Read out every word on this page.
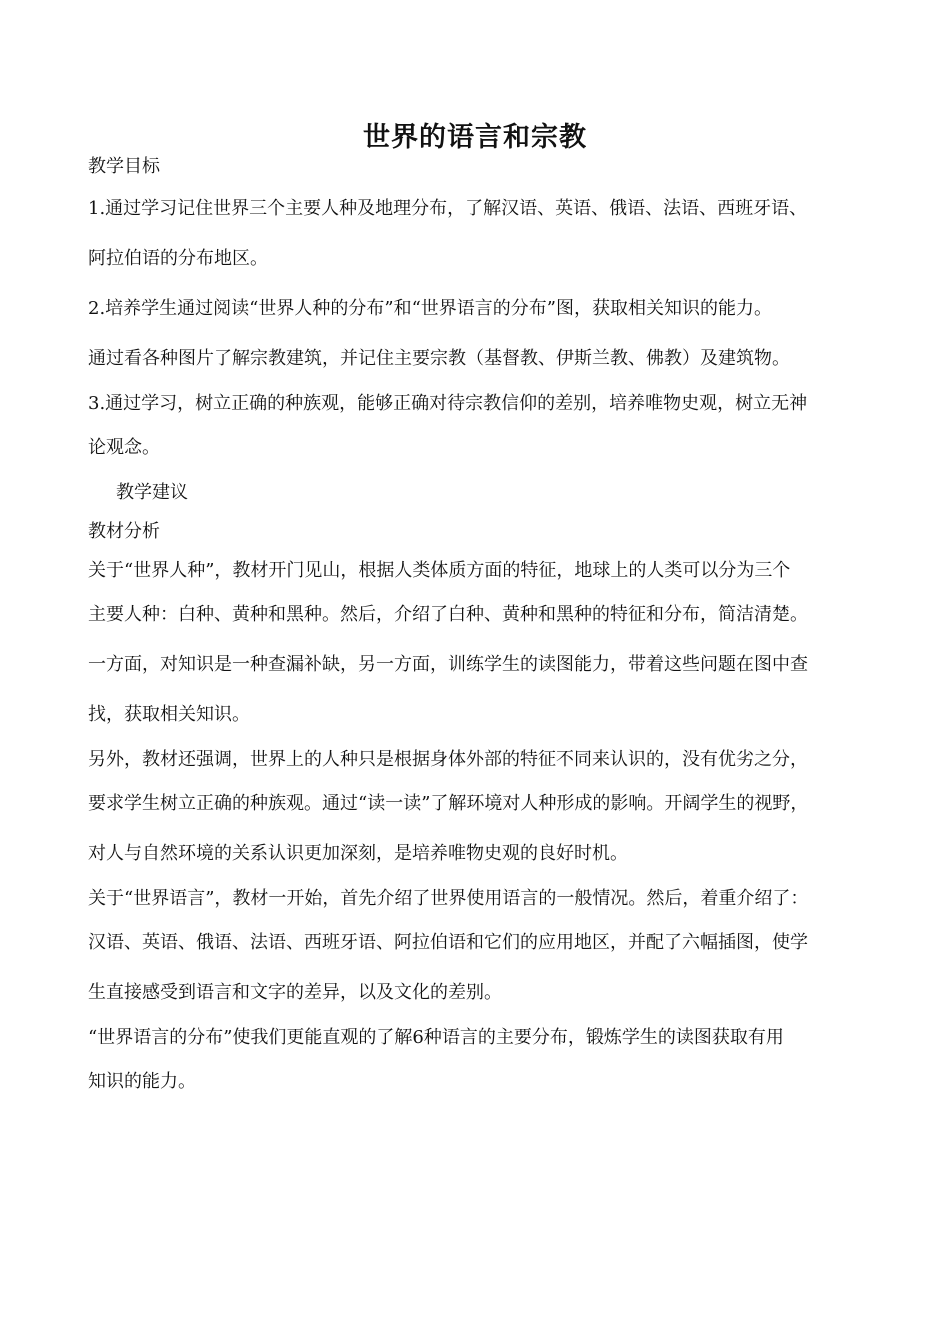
世界的语言和宗教
教学目标
1.通过学习记住世界三个主要人种及地理分布，了解汉语、英语、俄语、法语、西班牙语、
阿拉伯语的分布地区。
2.培养学生通过阅读“世界人种的分布”和“世界语言的分布”图，获取相关知识的能力。
通过看各种图片了解宗教建筑，并记住主要宗教（基督教、伊斯兰教、佛教）及建筑物。
3.通过学习，树立正确的种族观，能够正确对待宗教信仰的差别，培养唯物史观，树立无神
论观念。
教学建议
教材分析
关于“世界人种”，教材开门见山，根据人类体质方面的特征，地球上的人类可以分为三个
主要人种：白种、黄种和黑种。然后，介绍了白种、黄种和黑种的特征和分布，简洁清楚。
一方面，对知识是一种查漏补缺，另一方面，训练学生的读图能力，带着这些问题在图中查
找，获取相关知识。
另外，教材还强调，世界上的人种只是根据身体外部的特征不同来认识的，没有优劣之分，
要求学生树立正确的种族观。通过“读一读”了解环境对人种形成的影响。开阔学生的视野，
对人与自然环境的关系认识更加深刻，是培养唯物史观的良好时机。
关于“世界语言”，教材一开始，首先介绍了世界使用语言的一般情况。然后，着重介绍了：
汉语、英语、俄语、法语、西班牙语、阿拉伯语和它们的应用地区，并配了六幅插图，使学
生直接感受到语言和文字的差异，以及文化的差别。
“世界语言的分布”使我们更能直观的了解6种语言的主要分布，锻炼学生的读图获取有用
知识的能力。
